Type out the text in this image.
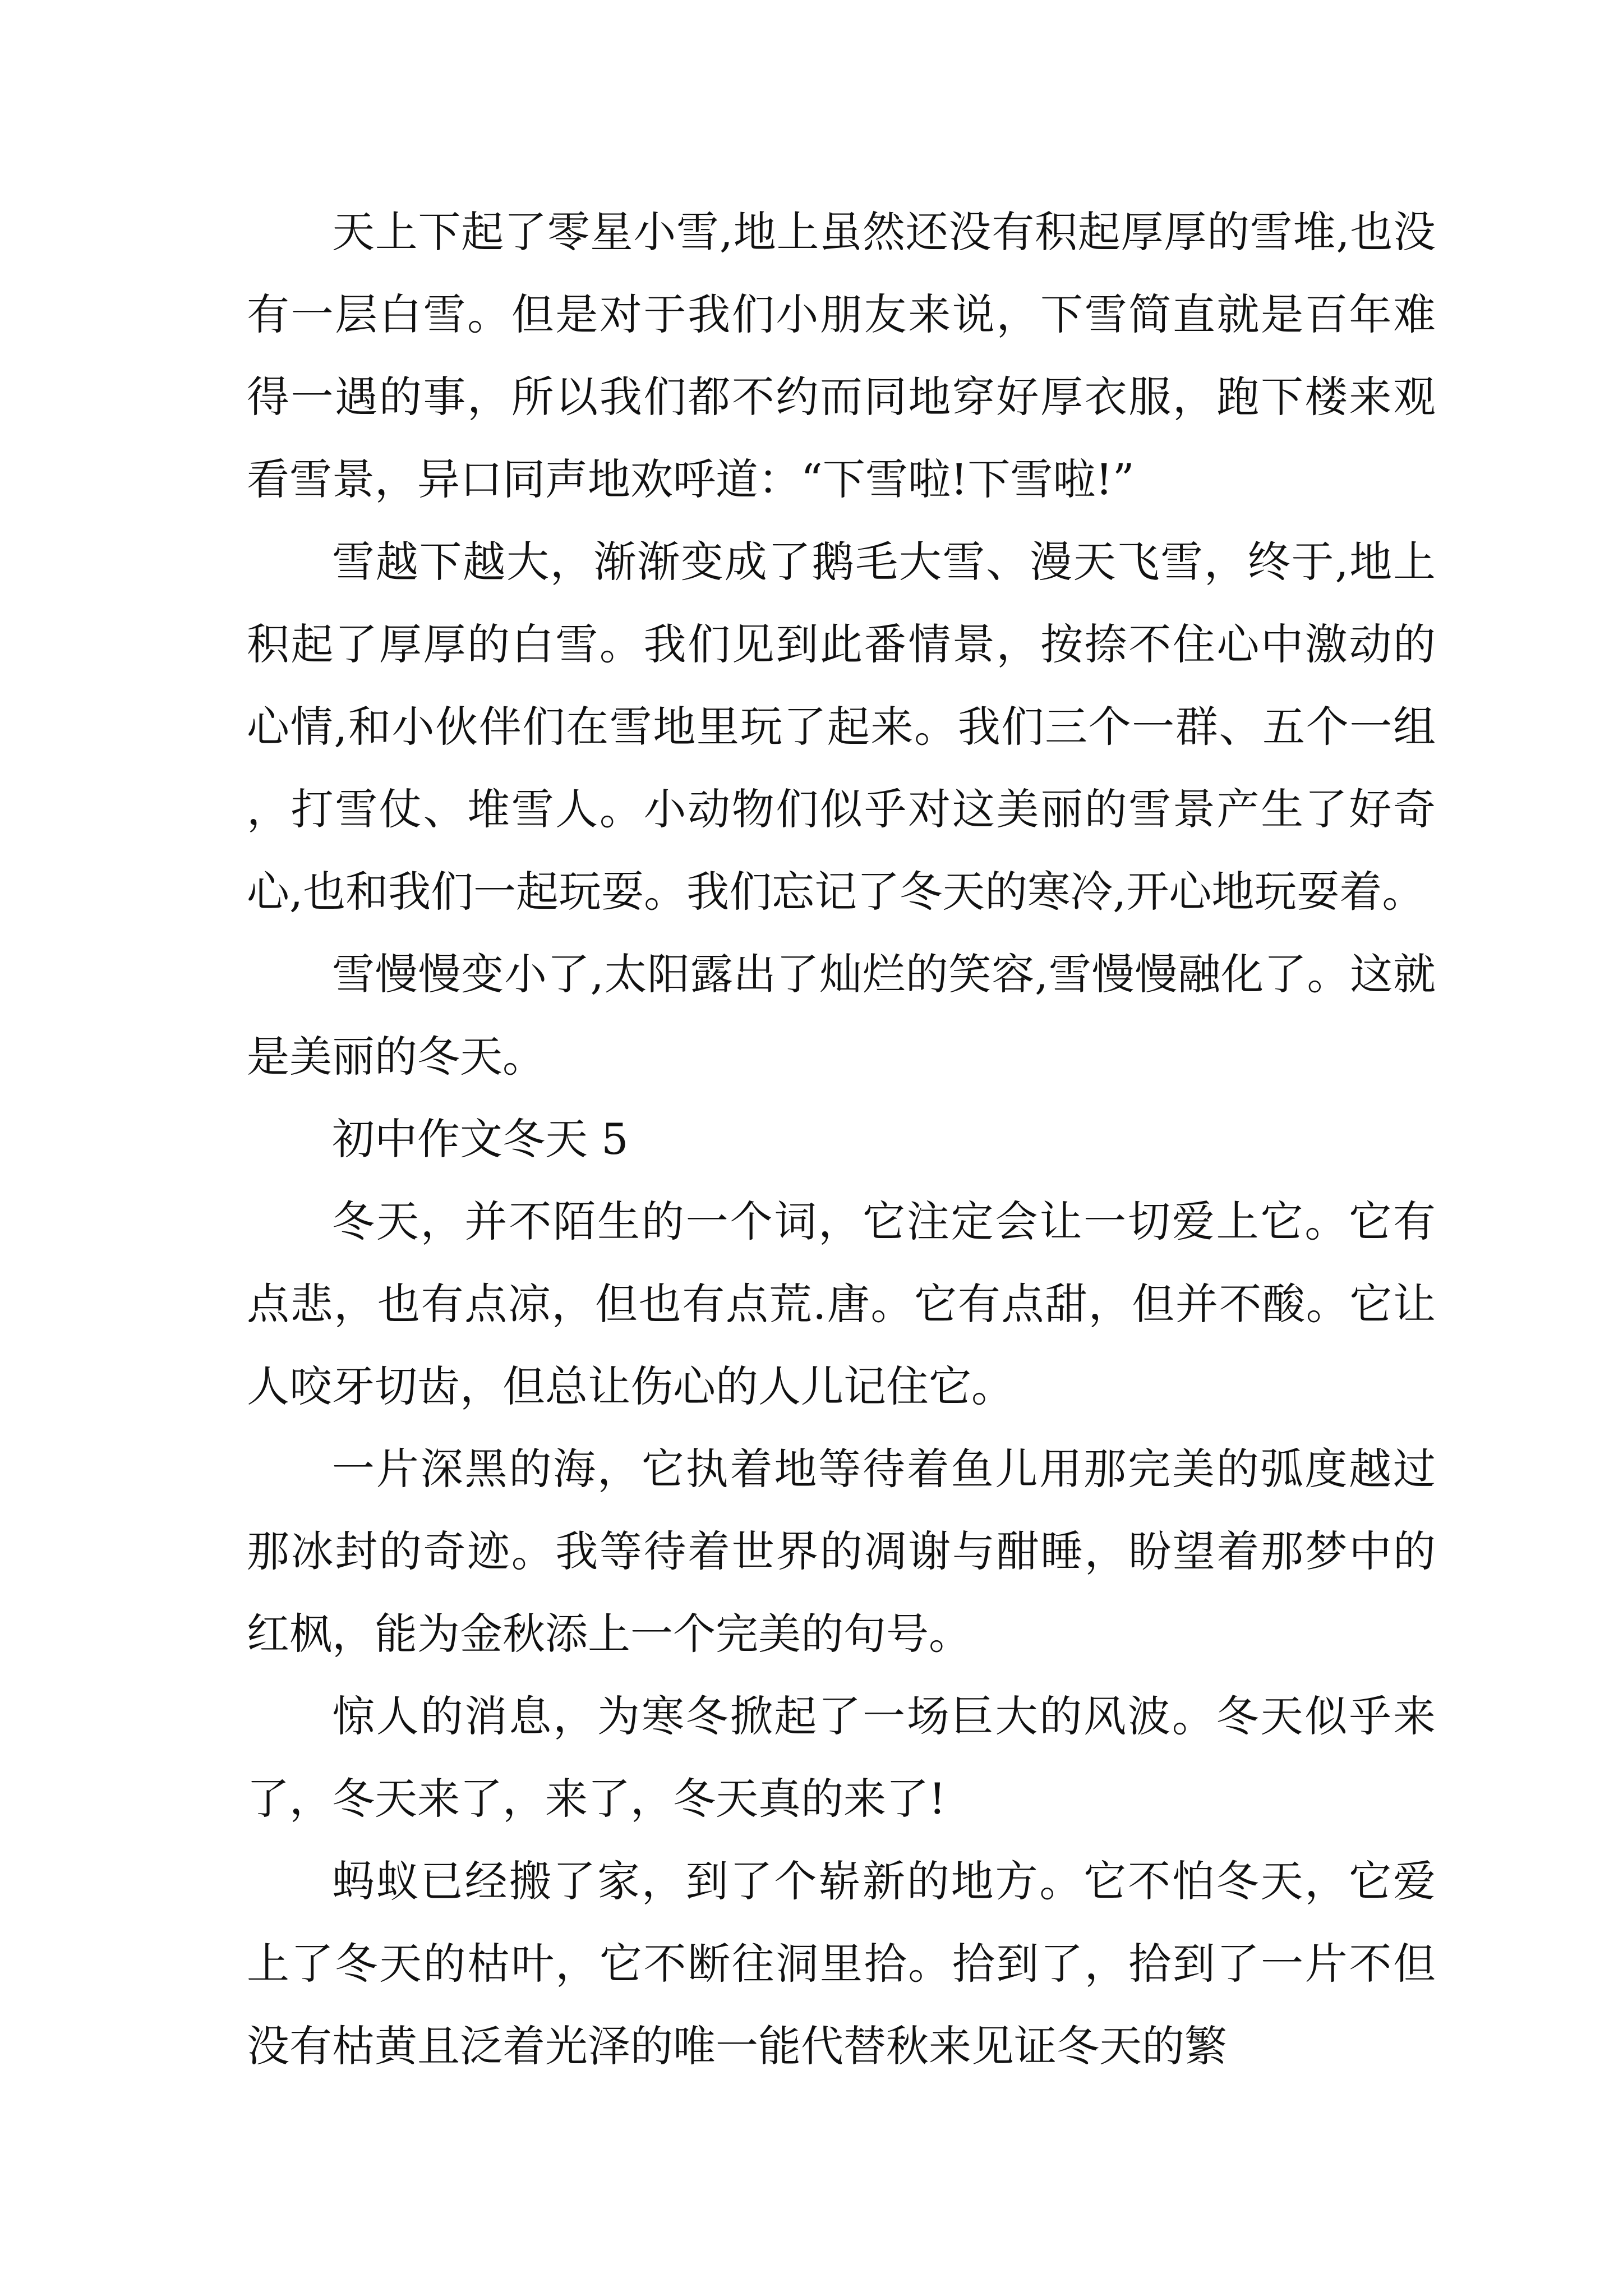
天上下起了零星小雪,地上虽然还没有积起厚厚的雪堆,也没有一层白雪。但是对于我们小朋友来说，下雪简直就是百年难得一遇的事，所以我们都不约而同地穿好厚衣服，跑下楼来观看雪景，异口同声地欢呼道：“下雪啦!下雪啦!”

雪越下越大，渐渐变成了鹅毛大雪、漫天飞雪，终于,地上积起了厚厚的白雪。我们见到此番情景，按捺不住心中激动的心情,和小伙伴们在雪地里玩了起来。我们三个一群、五个一组，打雪仗、堆雪人。小动物们似乎对这美丽的雪景产生了好奇心,也和我们一起玩耍。我们忘记了冬天的寒冷,开心地玩耍着。

雪慢慢变小了,太阳露出了灿烂的笑容,雪慢慢融化了。这就是美丽的冬天。

初中作文冬天 5

冬天，并不陌生的一个词，它注定会让一切爱上它。它有点悲，也有点凉，但也有点荒.唐。它有点甜，但并不酸。它让人咬牙切齿，但总让伤心的人儿记住它。

一片深黑的海，它执着地等待着鱼儿用那完美的弧度越过那冰封的奇迹。我等待着世界的凋谢与酣睡，盼望着那梦中的红枫，能为金秋添上一个完美的句号。

惊人的消息，为寒冬掀起了一场巨大的风波。冬天似乎来了，冬天来了，来了，冬天真的来了!

蚂蚁已经搬了家，到了个崭新的地方。它不怕冬天，它爱上了冬天的枯叶，它不断往洞里拾。拾到了，拾到了一片不但没有枯黄且泛着光泽的唯一能代替秋来见证冬天的繁
